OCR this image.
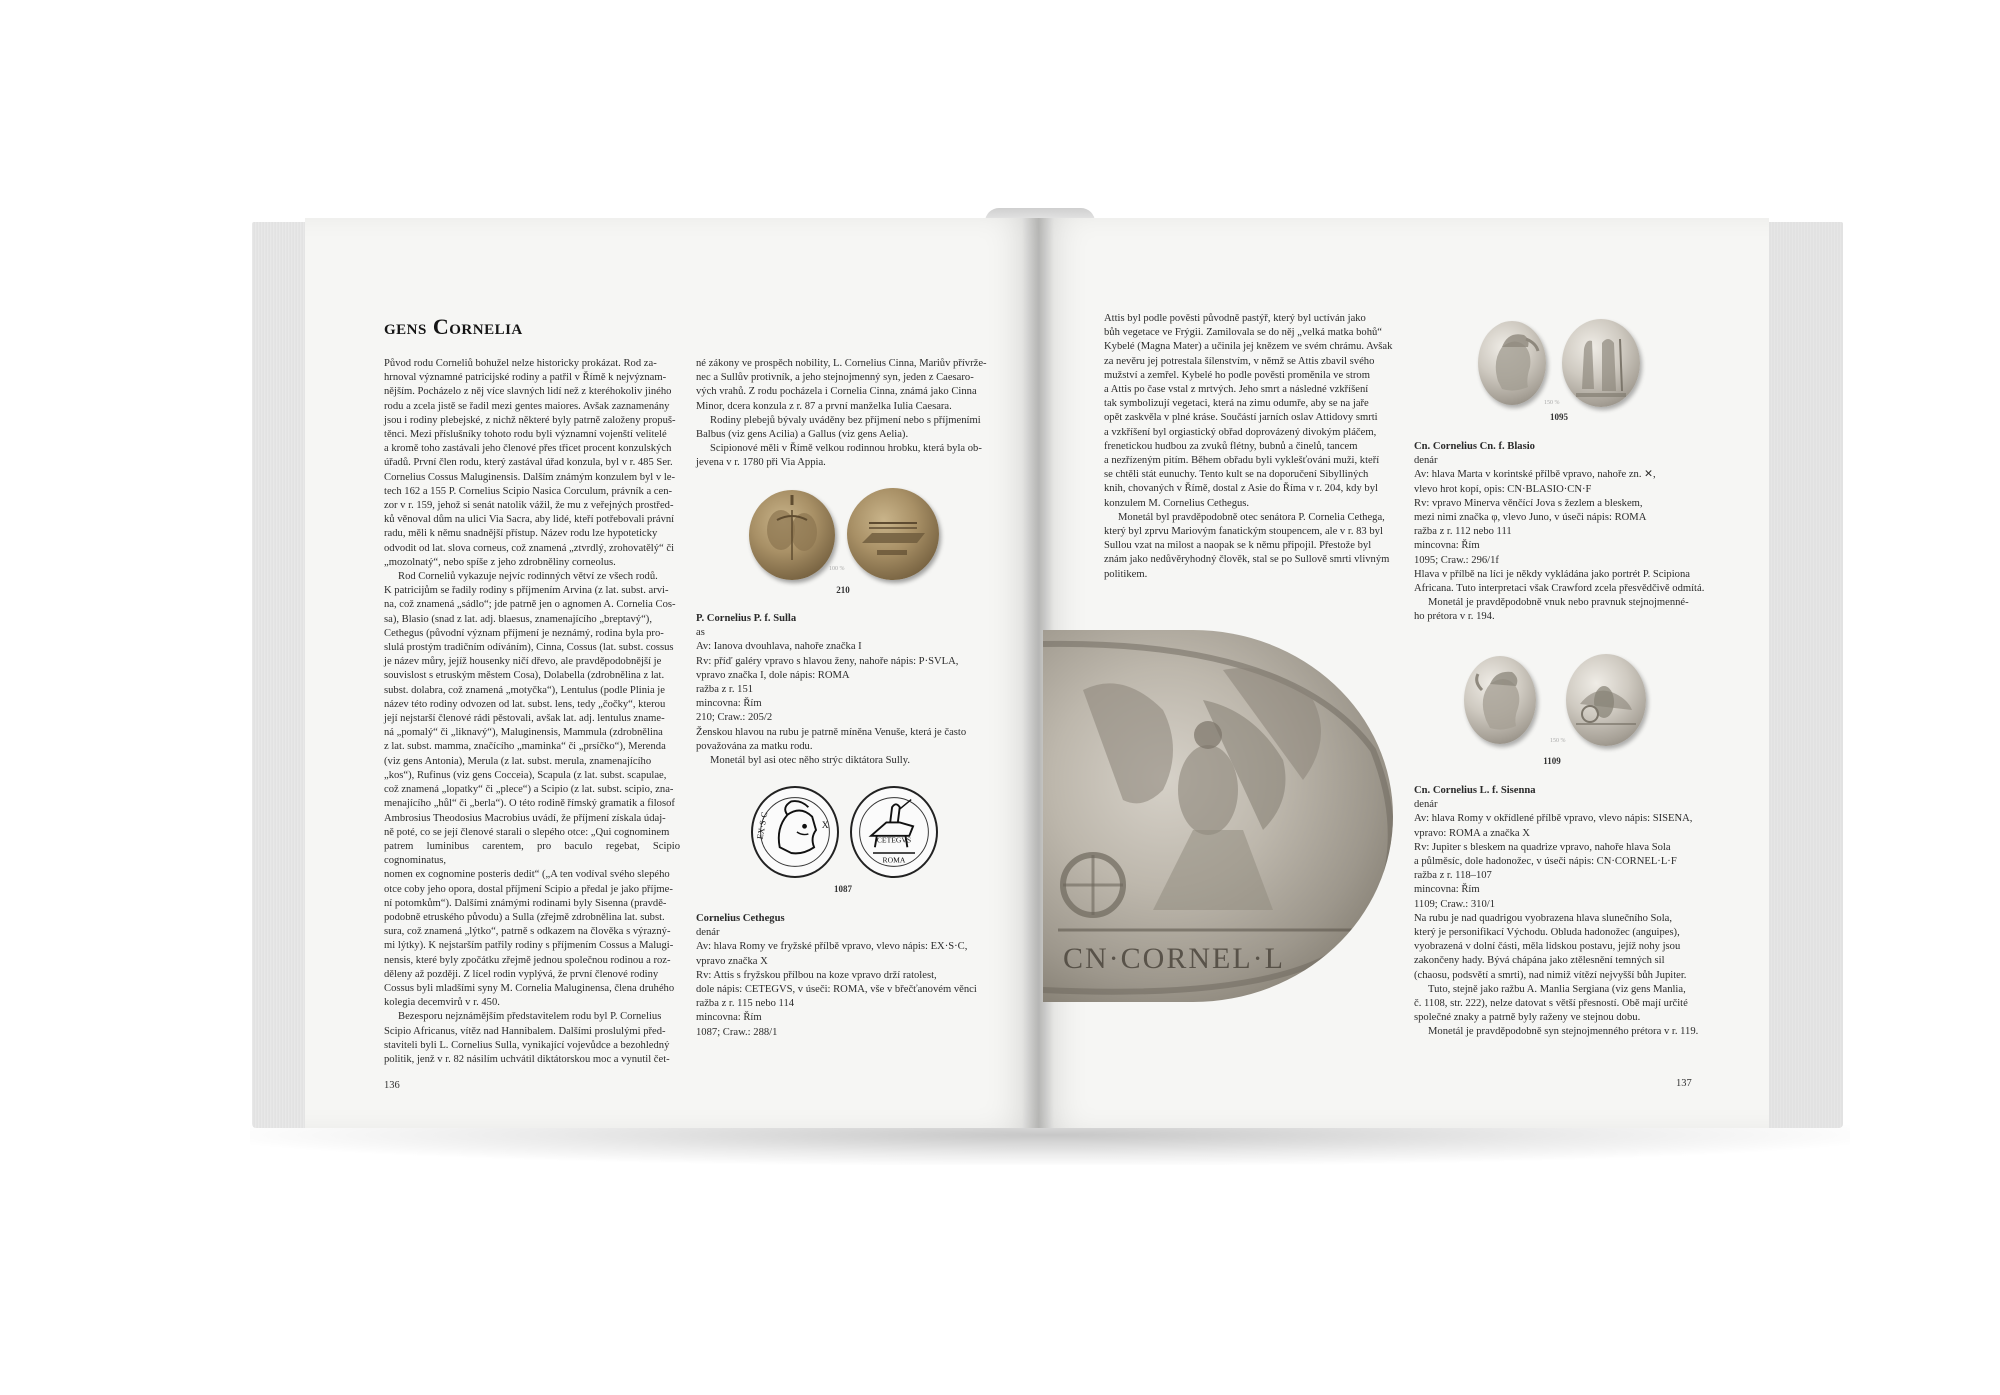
gens Cornelia

Původ rodu Corneliů bohužel nelze historicky prokázat. Rod za-

hrnoval významné patricijské rodiny a patřil v Římě k nejvýznam-

nějším. Pocházelo z něj více slavných lidí než z kteréhokoliv jiného

rodu a zcela jistě se řadil mezi gentes maiores. Avšak zaznamenány

jsou i rodiny plebejské, z nichž některé byly patrně založeny propuš-

těnci. Mezi příslušníky tohoto rodu byli významní vojenští velitelé

a kromě toho zastávali jeho členové přes třicet procent konzulských

úřadů. První člen rodu, který zastával úřad konzula, byl v r. 485 Ser.

Cornelius Cossus Maluginensis. Dalším známým konzulem byl v le-

tech 162 a 155 P. Cornelius Scipio Nasica Corculum, právník a cen-

zor v r. 159, jehož si senát natolik vážil, že mu z veřejných prostřed-

ků věnoval dům na ulici Via Sacra, aby lidé, kteří potřebovali právní

radu, měli k němu snadnější přístup. Název rodu lze hypoteticky

odvodit od lat. slova corneus, což znamená „ztvrdlý, zrohovatělý“ či

„mozolnatý“, nebo spíše z jeho zdrobněliny corneolus.

Rod Corneliů vykazuje nejvíc rodinných větví ze všech rodů.

K patricijům se řadily rodiny s příjmením Arvina (z lat. subst. arvi-

na, což znamená „sádlo“; jde patrně jen o agnomen A. Cornelia Cos-

sa), Blasio (snad z lat. adj. blaesus, znamenajícího „breptavý“),

Cethegus (původní význam příjmení je neznámý, rodina byla pro-

slulá prostým tradičním odíváním), Cinna, Cossus (lat. subst. cossus

je název můry, jejíž housenky ničí dřevo, ale pravděpodobnější je

souvislost s etruským městem Cosa), Dolabella (zdrobnělina z lat.

subst. dolabra, což znamená „motyčka“), Lentulus (podle Plinia je

název této rodiny odvozen od lat. subst. lens, tedy „čočky“, kterou

její nejstarší členové rádi pěstovali, avšak lat. adj. lentulus zname-

ná „pomalý“ či „liknavý“), Maluginensis, Mammula (zdrobnělina

z lat. subst. mamma, značícího „maminka“ či „prsíčko“), Merenda

(viz gens Antonia), Merula (z lat. subst. merula, znamenajícího

„kos“), Rufinus (viz gens Cocceia), Scapula (z lat. subst. scapulae,

což znamená „lopatky“ či „plece“) a Scipio (z lat. subst. scipio, zna-

menajícího „hůl“ či „berla“). O této rodině římský gramatik a filosof

Ambrosius Theodosius Macrobius uvádí, že příjmení získala údaj-

ně poté, co se její členové starali o slepého otce: „Qui cognominem

patrem luminibus carentem, pro baculo regebat, Scipio cognominatus,

nomen ex cognomine posteris dedit“ („A ten vodíval svého slepého

otce coby jeho opora, dostal příjmení Scipio a předal je jako příjme-

ní potomkům“). Dalšími známými rodinami byly Sisenna (pravdě-

podobně etruského původu) a Sulla (zřejmě zdrobnělina lat. subst.

sura, což znamená „lýtko“, patrně s odkazem na člověka s výrazný-

mi lýtky). K nejstarším patřily rodiny s příjmením Cossus a Malugi-

nensis, které byly zpočátku zřejmě jednou společnou rodinou a roz-

děleny až později. Z lícel rodin vyplývá, že první členové rodiny

Cossus byli mladšími syny M. Cornelia Maluginensa, člena druhého

kolegia decemvirů v r. 450.

Bezesporu nejznámějším představitelem rodu byl P. Cornelius

Scipio Africanus, vítěz nad Hannibalem. Dalšími proslulými před-

staviteli byli L. Cornelius Sulla, vynikající vojevůdce a bezohledný

politik, jenž v r. 82 násilím uchvátil diktátorskou moc a vynutil čet-

né zákony ve prospěch nobility, L. Cornelius Cinna, Mariův přívrže-

nec a Sullův protivník, a jeho stejnojmenný syn, jeden z Caesaro-

vých vrahů. Z rodu pocházela i Cornelia Cinna, známá jako Cinna

Minor, dcera konzula z r. 87 a první manželka Iulia Caesara.

Rodiny plebejů bývaly uváděny bez příjmení nebo s příjmeními

Balbus (viz gens Acilia) a Gallus (viz gens Aelia).

Scipionové měli v Římě velkou rodinnou hrobku, která byla ob-

jevena v r. 1780 při Via Appia.

100 %
210

P. Cornelius P. f. Sulla

as

Av: Ianova dvouhlava, nahoře značka I

Rv: příď galéry vpravo s hlavou ženy, nahoře nápis: P·SVLA,

vpravo značka I, dole nápis: ROMA

ražba z r. 151

mincovna: Řím

210; Craw.: 205/2

Ženskou hlavou na rubu je patrně míněna Venuše, která je často

považována za matku rodu.

Monetál byl asi otec něho strýc diktátora Sully.

EX·S·C	X
CETEGVS
ROMA
1087

Cornelius Cethegus

denár

Av: hlava Romy ve fryžské přílbě vpravo, vlevo nápis: EX·S·C,

vpravo značka X

Rv: Attis s fryžskou přílbou na koze vpravo drží ratolest,

dole nápis: CETEGVS, v úseči: ROMA, vše v břečťanovém věnci

ražba z r. 115 nebo 114

mincovna: Řím

1087; Craw.: 288/1

136

Attis byl podle pověsti původně pastýř, který byl uctíván jako

bůh vegetace ve Frýgii. Zamilovala se do něj „velká matka bohů“

Kybelé (Magna Mater) a učinila jej knězem ve svém chrámu. Avšak

za nevěru jej potrestala šílenstvím, v němž se Attis zbavil svého

mužství a zemřel. Kybelé ho podle pověsti proměnila ve strom

a Attis po čase vstal z mrtvých. Jeho smrt a následné vzkříšení

tak symbolizují vegetaci, která na zimu odumře, aby se na jaře

opět zaskvěla v plné kráse. Součástí jarních oslav Attidovy smrti

a vzkříšení byl orgiastický obřad doprovázený divokým pláčem,

frenetickou hudbou za zvuků flétny, bubnů a činelů, tancem

a nezřízeným pitím. Během obřadu byli vyklešťováni muži, kteří

se chtěli stát eunuchy. Tento kult se na doporučení Sibylliných

knih, chovaných v Římě, dostal z Asie do Říma v r. 204, kdy byl

konzulem M. Cornelius Cethegus.

Monetál byl pravděpodobně otec senátora P. Cornelia Cethega,

který byl zprvu Mariovým fanatickým stoupencem, ale v r. 83 byl

Sullou vzat na milost a naopak se k němu připojil. Přestože byl

znám jako nedůvěryhodný člověk, stal se po Sullově smrti vlivným

politikem.

CN·CORNEL·L
150 %
1095

Cn. Cornelius Cn. f. Blasio

denár

Av: hlava Marta v korintské přílbě vpravo, nahoře zn. ✕,

vlevo hrot kopí, opis: CN·BLASIO·CN·F

Rv: vpravo Minerva věnčící Jova s žezlem a bleskem,

mezi nimi značka φ, vlevo Juno, v úseči nápis: ROMA

ražba z r. 112 nebo 111

mincovna: Řím

1095; Craw.: 296/1f

Hlava v přílbě na líci je někdy vykládána jako portrét P. Scipiona

Africana. Tuto interpretaci však Crawford zcela přesvědčivě odmítá.

Monetál je pravděpodobně vnuk nebo pravnuk stejnojmenné-

ho prétora v r. 194.

150 %
1109

Cn. Cornelius L. f. Sisenna

denár

Av: hlava Romy v okřídlené přílbě vpravo, vlevo nápis: SISENA,

vpravo: ROMA a značka X

Rv: Jupiter s bleskem na quadrize vpravo, nahoře hlava Sola

a půlměsíc, dole hadonožec, v úseči nápis: CN·CORNEL·L·F

ražba z r. 118–107

mincovna: Řím

1109; Craw.: 310/1

Na rubu je nad quadrigou vyobrazena hlava slunečního Sola,

který je personifikací Východu. Obluda hadonožec (anguipes),

vyobrazená v dolní části, měla lidskou postavu, jejíž nohy jsou

zakončeny hady. Bývá chápána jako ztělesnění temných sil

(chaosu, podsvětí a smrti), nad nimiž vítězí nejvyšší bůh Jupiter.

Tuto, stejně jako ražbu A. Manlia Sergiana (viz gens Manlia,

č. 1108, str. 222), nelze datovat s větší přesností. Obě mají určité

společné znaky a patrně byly raženy ve stejnou dobu.

Monetál je pravděpodobně syn stejnojmenného prétora v r. 119.

137
